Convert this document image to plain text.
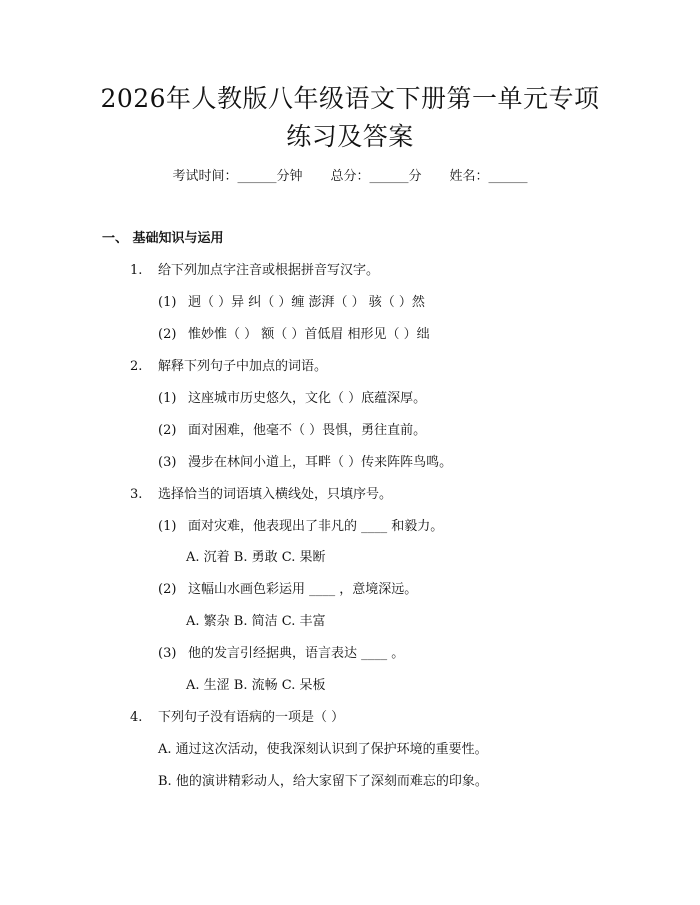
2026年人教版八年级语文下册第一单元专项
练习及答案
考试时间：______分钟 总分：______分 姓名：______
一、 基础知识与运用
1. 给下列加点字注音或根据拼音写汉字。
(1) 迥（ ）异 纠（ ）缠 澎湃（ ） 骇（ ）然
(2) 惟妙惟（ ） 额（ ）首低眉 相形见（ ）绌
2. 解释下列句子中加点的词语。
(1) 这座城市历史悠久，文化（ ）底蕴深厚。
(2) 面对困难，他毫不（ ）畏惧，勇往直前。
(3) 漫步在林间小道上，耳畔（ ）传来阵阵鸟鸣。
3. 选择恰当的词语填入横线处，只填序号。
(1) 面对灾难，他表现出了非凡的 ____ 和毅力。
A. 沉着 B. 勇敢 C. 果断
(2) 这幅山水画色彩运用 ____ ，意境深远。
A. 繁杂 B. 简洁 C. 丰富
(3) 他的发言引经据典，语言表达 ____ 。
A. 生涩 B. 流畅 C. 呆板
4. 下列句子没有语病的一项是（ ）
A. 通过这次活动，使我深刻认识到了保护环境的重要性。
B. 他的演讲精彩动人，给大家留下了深刻而难忘的印象。
